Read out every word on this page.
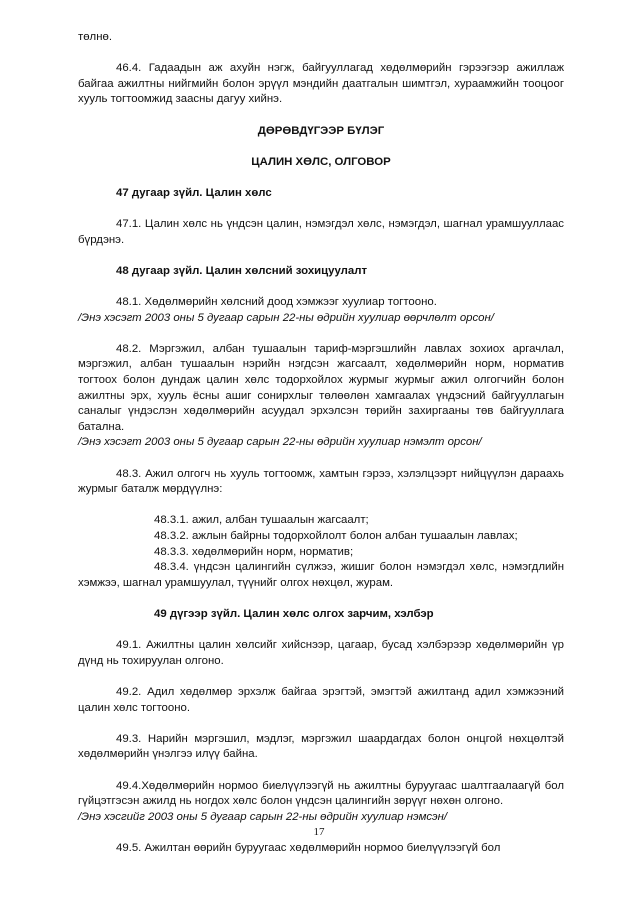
төлнө.

46.4. Гадаадын аж ахуйн нэгж, байгууллагад хөдөлмөрийн гэрээгээр ажиллаж байгаа ажилтны нийгмийн болон эрүүл мэндийн даатгалын шимтгэл, хураамжийн тооцоог хууль тогтоомжид заасны дагуу хийнэ.

ДӨРӨВДҮГЭЭР БҮЛЭГ

ЦАЛИН ХӨЛС, ОЛГОВОР

47 дугаар зүйл. Цалин хөлс

47.1. Цалин хөлс нь үндсэн цалин, нэмэгдэл хөлс, нэмэгдэл, шагнал урамшууллаас бүрдэнэ.

48 дугаар зүйл. Цалин хөлсний зохицуулалт

48.1. Хөдөлмөрийн хөлсний доод хэмжээг хуулиар тогтооно.

/Энэ хэсэгт 2003 оны 5 дугаар сарын 22-ны өдрийн хуулиар өөрчлөлт орсон/

48.2. Мэргэжил, албан тушаалын тариф-мэргэшлийн лавлах зохиох аргачлал, мэргэжил, албан тушаалын нэрийн нэгдсэн жагсаалт, хөдөлмөрийн норм, норматив тогтоох болон дундаж цалин хөлс тодорхойлох журмыг журмыг ажил олгогчийн болон ажилтны эрх, хууль ёсны ашиг сонирхлыг төлөөлөн хамгаалах үндэсний байгууллагын саналыг үндэслэн хөдөлмөрийн асуудал эрхэлсэн төрийн захиргааны төв байгууллага батална.

/Энэ хэсэгт 2003 оны 5 дугаар сарын 22-ны өдрийн хуулиар нэмэлт орсон/

48.3. Ажил олгогч нь хууль тогтоомж, хамтын гэрээ, хэлэлцээрт нийцүүлэн дараахь журмыг баталж мөрдүүлнэ:

48.3.1. ажил, албан тушаалын жагсаалт;

48.3.2. ажлын байрны тодорхойлолт болон албан тушаалын лавлах;

48.3.3. хөдөлмөрийн норм, норматив;

48.3.4. үндсэн цалингийн сүлжээ, жишиг болон нэмэгдэл хөлс, нэмэгдлийн хэмжээ, шагнал урамшуулал, түүнийг олгох нөхцөл, журам.

49 дүгээр зүйл. Цалин хөлс олгох зарчим, хэлбэр

49.1. Ажилтны цалин хөлсийг хийснээр, цагаар, бусад хэлбэрээр хөдөлмөрийн үр дүнд нь тохируулан олгоно.

49.2. Адил хөдөлмөр эрхэлж байгаа эрэгтэй, эмэгтэй ажилтанд адил хэмжээний цалин хөлс тогтооно.

49.3. Нарийн мэргэшил, мэдлэг, мэргэжил шаардагдах болон онцгой нөхцөлтэй хөдөлмөрийн үнэлгээ илүү байна.

49.4.Хөдөлмөрийн нормоо биелүүлээгүй нь ажилтны буруугаас шалтгаалаагүй бол гүйцэтгэсэн ажилд нь ногдох хөлс болон үндсэн цалингийн зөрүүг нөхөн олгоно.

/Энэ хэсгийг 2003 оны 5 дугаар сарын 22-ны өдрийн хуулиар нэмсэн/

49.5. Ажилтан өөрийн буруугаас хөдөлмөрийн нормоо биелүүлээгүй бол

17
